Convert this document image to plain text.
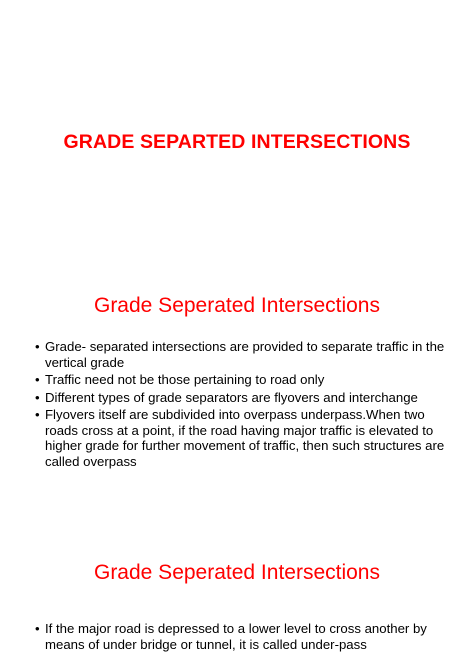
GRADE SEPARTED INTERSECTIONS
Grade Seperated Intersections
• Grade- separated intersections are provided to separate traffic in the vertical grade
• Traffic need not be those pertaining to road only
• Different types of grade separators are flyovers and interchange
• Flyovers itself are subdivided into overpass underpass.When two roads cross at a point, if the road having major traffic is elevated to higher grade for further movement of traffic, then such structures are called overpass
Grade Seperated Intersections
• If the major road is depressed to a lower level to cross another by means of under bridge or tunnel, it is called under-pass
